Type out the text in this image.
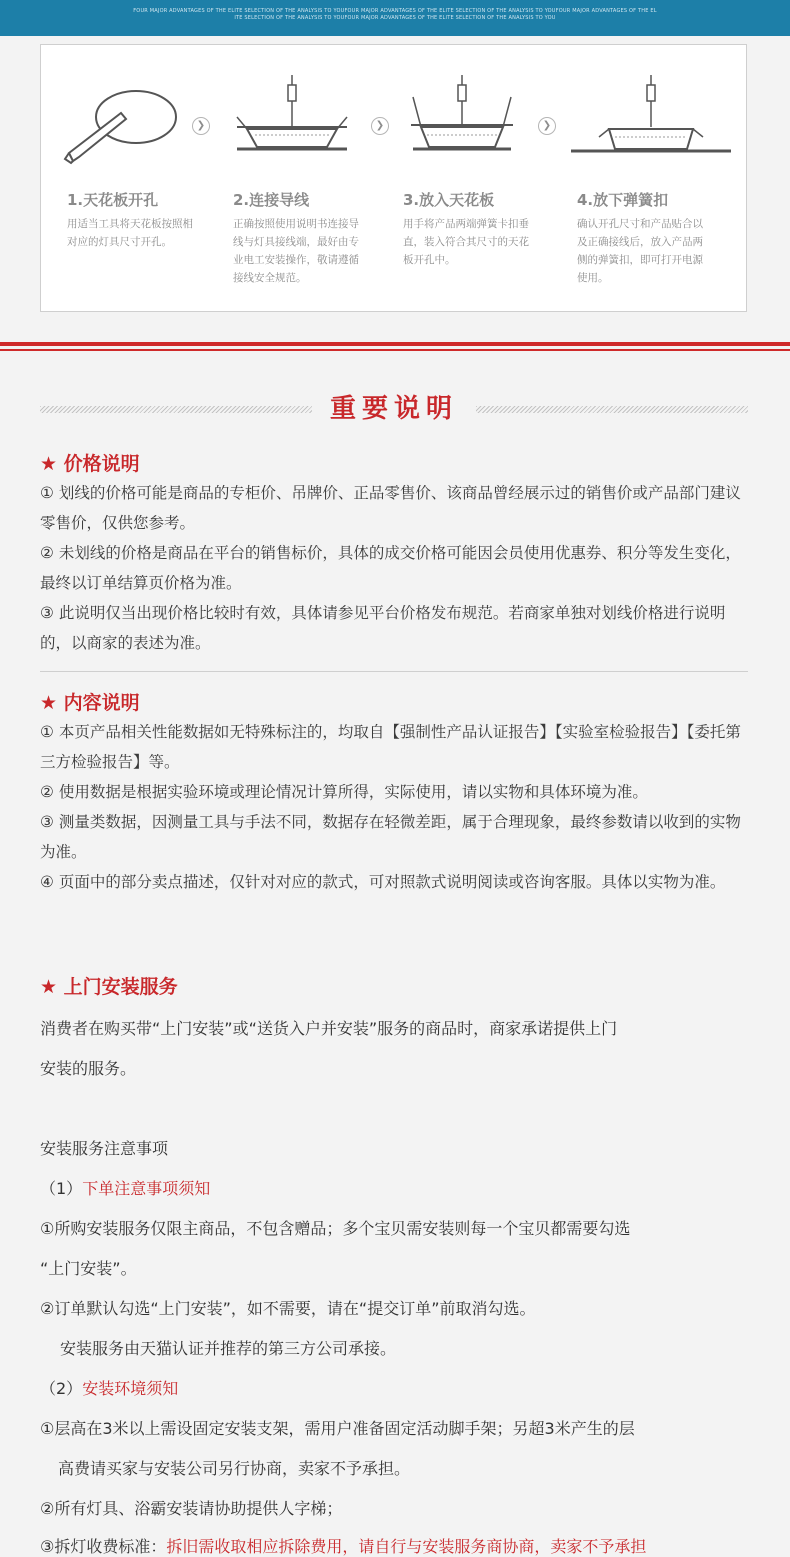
FOUR MAJOR ADVANTAGES OF THE ELITE SELECTION OF THE ANALYSIS TO YOUFOUR MAJOR ADVANTAGES OF THE ELITE SELECTION OF THE ANALYSIS TO YOUFOUR MAJOR ADVANTAGES OF THE EL
ITE SELECTION OF THE ANALYSIS TO YOUFOUR MAJOR ADVANTAGES OF THE ELITE SELECTION OF THE ANALYSIS TO YOU
1.天花板开孔
用适当工具将天花板按照相对应的灯具尺寸开孔。
❯
2.连接导线
正确按照使用说明书连接导线与灯具接线端，最好由专业电工安装操作，敬请遵循 接线安全规范。
❯
3.放入天花板
用手将产品两端弹簧卡扣垂直，装入符合其尺寸的天花板开孔中。
❯
4.放下弹簧扣
确认开孔尺寸和产品贴合以及正确接线后，放入产品两侧的弹簧扣，即可打开电源使用。
重要说明
★ 价格说明
① 划线的价格可能是商品的专柜价、吊牌价、正品零售价、该商品曾经展示过的销售价或产品部门建议零售价，仅供您参考。
② 未划线的价格是商品在平台的销售标价，具体的成交价格可能因会员使用优惠券、积分等发生变化，最终以订单结算页价格为准。
③ 此说明仅当出现价格比较时有效，具体请参见平台价格发布规范。若商家单独对划线价格进行说明的，以商家的表述为准。
★ 内容说明
① 本页产品相关性能数据如无特殊标注的，均取自【强制性产品认证报告】【实验室检验报告】【委托第三方检验报告】等。
② 使用数据是根据实验环境或理论情况计算所得，实际使用，请以实物和具体环境为准。
③ 测量类数据，因测量工具与手法不同，数据存在轻微差距，属于合理现象，最终参数请以收到的实物为准。
④ 页面中的部分卖点描述，仅针对对应的款式，可对照款式说明阅读或咨询客服。具体以实物为准。
★ 上门安装服务
消费者在购买带“上门安装”或“送货入户并安装”服务的商品时，商家承诺提供上门
安装的服务。
安装服务注意事项
（1）下单注意事项须知
①所购安装服务仅限主商品，不包含赠品；多个宝贝需安装则每一个宝贝都需要勾选
“上门安装”。
②订单默认勾选“上门安装”，如不需要，请在“提交订单”前取消勾选。
安装服务由天猫认证并推荐的第三方公司承接。
（2）安装环境须知
①层高在3米以上需设固定安装支架，需用户准备固定活动脚手架；另超3米产生的层
高费请买家与安装公司另行协商，卖家不予承担。
②所有灯具、浴霸安装请协助提供人字梯；
③拆灯收费标准：拆旧需收取相应拆除费用，请自行与安装服务商协商，卖家不予承担
